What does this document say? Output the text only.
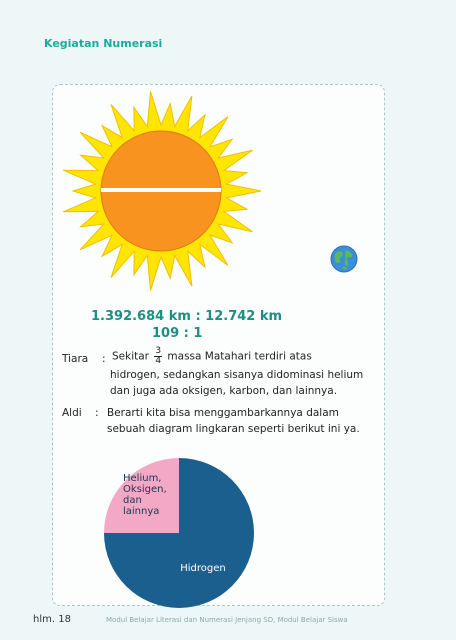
Kegiatan Numerasi
1.392.684 km : 12.742 km
109 : 1
Tiara : Sekitar $\frac{3}{4}$ massa Matahari terdiri atas
hidrogen, sedangkan sisanya didominasi helium
dan juga ada oksigen, karbon, dan lainnya.
Aldi : Berarti kita bisa menggambarkannya dalam
sebuah diagram lingkaran seperti berikut ini ya.
Hidrogen
Helium,
Oksigen,
dan
lainnya
hlm. 18	Modul Belajar Literasi dan Numerasi Jenjang SD, Modul Belajar Siswa
